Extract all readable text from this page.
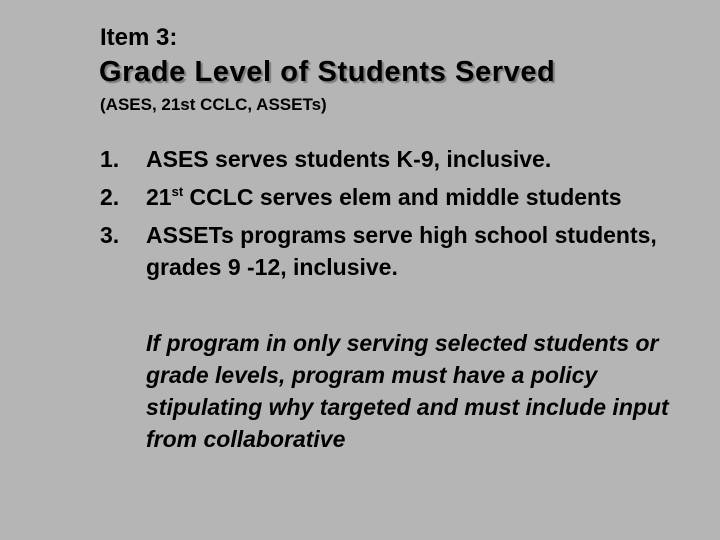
Item 3:
Grade Level of Students Served
(ASES, 21st CCLC, ASSETs)
1. ASES serves students K-9, inclusive.
2. 21st CCLC serves elem and middle students
3. ASSETs programs serve high school students, grades 9 -12, inclusive.
If program in only serving selected students or grade levels, program must have a policy stipulating why targeted and must include input from collaborative
